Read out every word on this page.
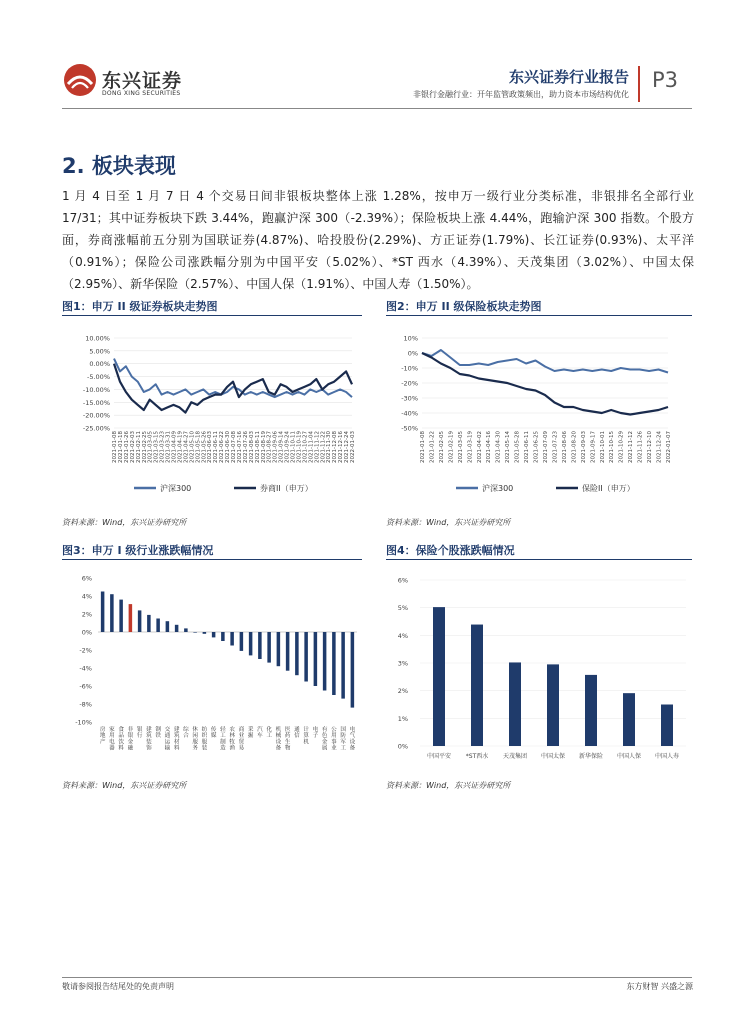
东兴证券
DONG XING SECURITIES
东兴证券行业报告
非银行金融行业：开年监管政策频出，助力资本市场结构优化
P3
2. 板块表现
1 月 4 日至 1 月 7 日 4 个交易日间非银板块整体上涨 1.28%，按申万一级行业分类标准，非银排名全部行业 17/31；其中证券板块下跌 3.44%，跑赢沪深 300（-2.39%）；保险板块上涨 4.44%，跑输沪深 300 指数。个股方面，券商涨幅前五分别为国联证券(4.87%)、哈投股份(2.29%)、方正证券(1.79%)、长江证券(0.93%)、太平洋（0.91%）；保险公司涨跌幅分别为中国平安（5.02%）、*ST 西水（4.39%）、天茂集团（3.02%）、中国太保（2.95%）、新华保险（2.57%）、中国人保（1.91%）、中国人寿（1.50%）。
图1：申万 II 级证券板块走势图
10.00%
5.00%
0.00%
-5.00%
-10.00%
-15.00%
-20.00%
-25.00%
2021-01-08 2021-01-18 2021-01-26 2021-02-03 2021-02-11 2021-02-25 2021-03-05 2021-03-15 2021-03-23 2021-03-31 2021-04-09 2021-04-19 2021-04-27 2021-05-10 2021-05-18 2021-05-26 2021-06-03 2021-06-11 2021-06-22 2021-06-30 2021-07-08 2021-07-16 2021-07-26 2021-08-03 2021-08-11 2021-08-19 2021-08-27 2021-09-06 2021-09-14 2021-09-24 2021-10-11 2021-10-19 2021-10-27 2021-11-04 2021-11-12 2021-11-22 2021-11-30 2021-12-08 2021-12-16 2021-12-24 2022-01-03
沪深300	券商II（申万）
资料来源：Wind，东兴证券研究所
图2：申万 II 级保险板块走势图
10%
0%
-10%
-20%
-30%
-40%
-50%
2021-01-08 2021-01-22 2021-02-05 2021-02-19 2021-03-05 2021-03-19 2021-04-02 2021-04-16 2021-04-30 2021-05-14 2021-05-28 2021-06-11 2021-06-25 2021-07-09 2021-07-23 2021-08-06 2021-08-20 2021-09-03 2021-09-17 2021-10-01 2021-10-15 2021-10-29 2021-11-12 2021-11-26 2021-12-10 2021-12-24 2022-01-07
沪深300	保险II（申万）
资料来源：Wind，东兴证券研究所
图3：申万 I 级行业涨跌幅情况
6%
4%
2%
0%
-2%
-4%
-6%
-8%
-10%
房地产
家用电器
食品饮料
非银金融
银行
建筑装饰
钢铁
交通运输
建筑材料
综合
休闲服务
纺织服装
传媒
轻工制造
农林牧渔
商业贸易
采掘
汽车
化工
机械设备
医药生物
通信
计算机
电子
有色金属
公用事业
国防军工
电气设备
资料来源：Wind，东兴证券研究所
图4：保险个股涨跌幅情况
6%
5%
4%
3%
2%
1%
0%
中国平安 *ST西水 天茂集团 中国太保 新华保险 中国人保 中国人寿
资料来源：Wind，东兴证券研究所
敬请参阅报告结尾处的免责声明	东方财智 兴盛之源
